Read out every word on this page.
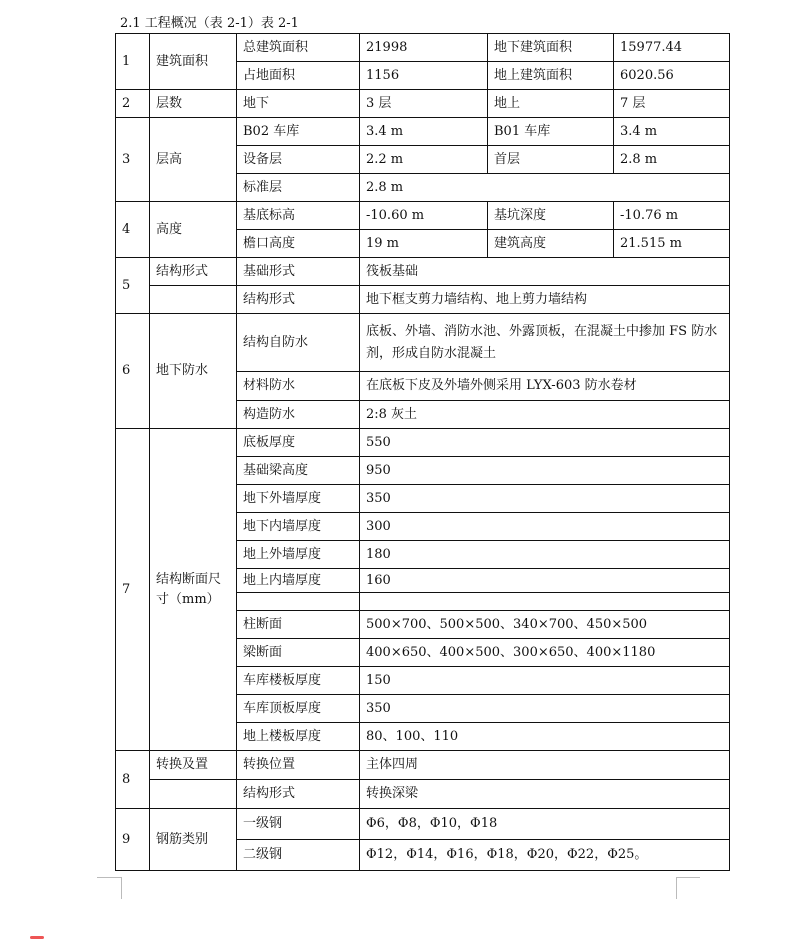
2.1 工程概况（表 2-1）表 2-1
1	建筑面积	总建筑面积	21998	地下建筑面积	15977.44
		占地面积	1156	地上建筑面积	6020.56
2	层数	地下	3 层	地上	7 层
3	层高	B02 车库	3.4 m	B01 车库	3.4 m
		设备层	2.2 m	首层	2.8 m
		标准层	2.8 m		
4	高度	基底标高	-10.60 m	基坑深度	-10.76 m
		檐口高度	19 m	建筑高度	21.515 m
5	结构形式	基础形式	筏板基础		
		结构形式	地下框支剪力墙结构、地上剪力墙结构		
6	地下防水	结构自防水	底板、外墙、消防水池、外露顶板，在混凝土中掺加 FS 防水剂，形成自防水混凝土		
		材料防水	在底板下皮及外墙外侧采用 LYX-603 防水卷材		
		构造防水	2:8 灰土		
7	结构断面尺寸（mm）	底板厚度	550		
		基础梁高度	950		
		地下外墙厚度	350		
		地下内墙厚度	300		
		地上外墙厚度	180		
		地上内墙厚度	160		

		柱断面	500×700、500×500、340×700、450×500		
		梁断面	400×650、400×500、300×650、400×1180		
		车库楼板厚度	150		
		车库顶板厚度	350		
		地上楼板厚度	80、100、110		
8	转换及置	转换位置	主体四周		
		结构形式	转换深梁		
9	钢筋类别	一级钢	Φ6，Φ8，Φ10，Φ18		
		二级钢	Φ12，Φ14，Φ16，Φ18，Φ20，Φ22，Φ25。		
